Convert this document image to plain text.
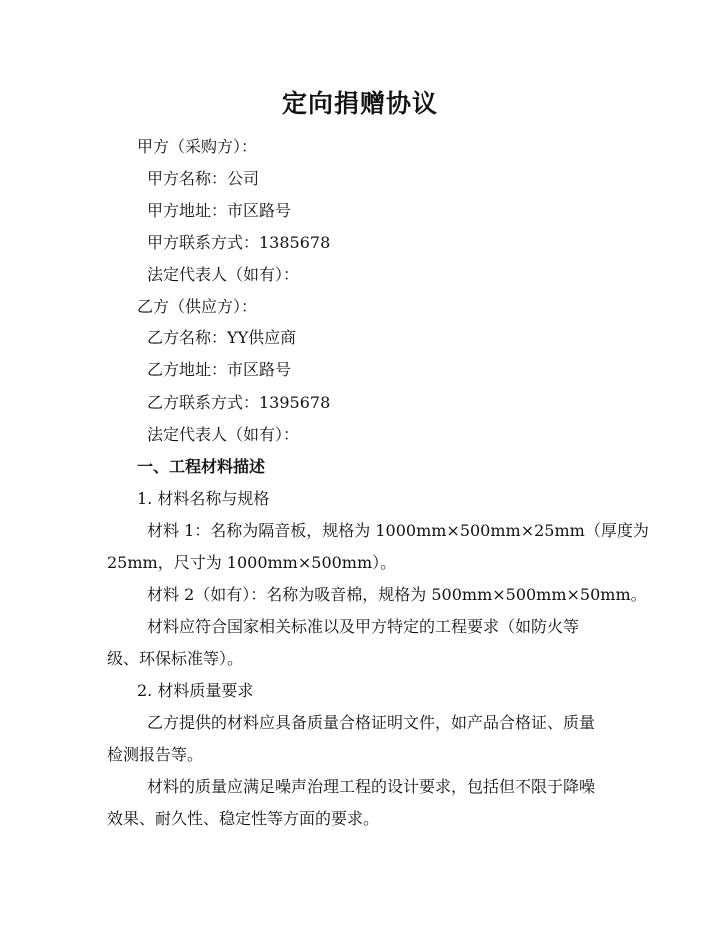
定向捐赠协议

甲方（采购方）：

甲方名称：公司

甲方地址：市区路号

甲方联系方式：1385678

法定代表人（如有）：

乙方（供应方）：

乙方名称：YY供应商

乙方地址：市区路号

乙方联系方式：1395678

法定代表人（如有）：

一、工程材料描述

1. 材料名称与规格

材料 1：名称为隔音板，规格为 1000mm×500mm×25mm（厚度为

25mm，尺寸为 1000mm×500mm）。

材料 2（如有）：名称为吸音棉，规格为 500mm×500mm×50mm。

材料应符合国家相关标准以及甲方特定的工程要求（如防火等

级、环保标准等）。

2. 材料质量要求

乙方提供的材料应具备质量合格证明文件，如产品合格证、质量

检测报告等。

材料的质量应满足噪声治理工程的设计要求，包括但不限于降噪

效果、耐久性、稳定性等方面的要求。
